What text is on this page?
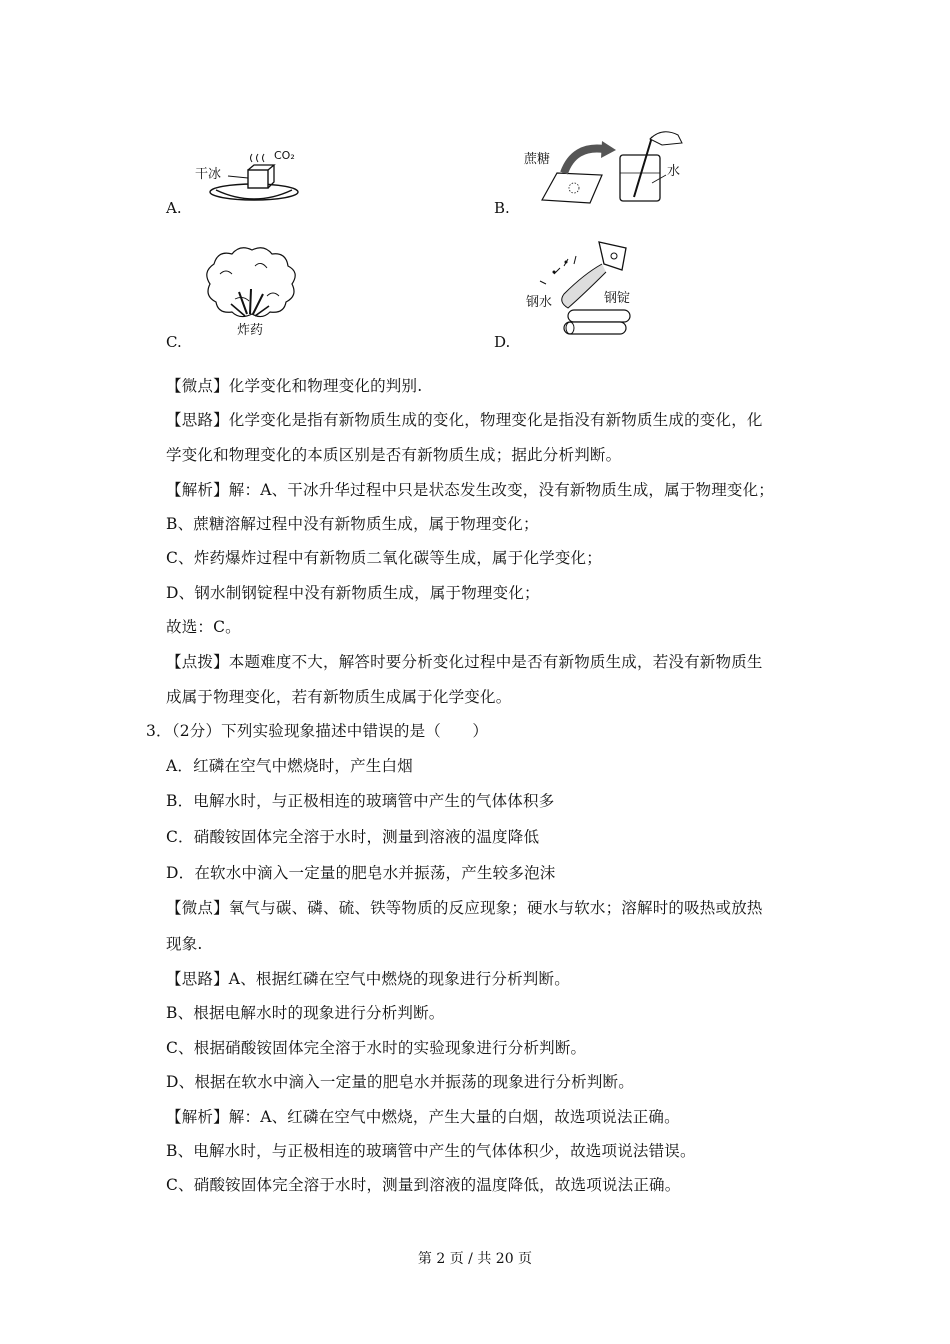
干冰
CO₂
A.
蔗糖
水
B.
炸药
C.
钢水	钢锭
D.
【微点】化学变化和物理变化的判别.
【思路】化学变化是指有新物质生成的变化，物理变化是指没有新物质生成的变化，化
学变化和物理变化的本质区别是否有新物质生成；据此分析判断。
【解析】解：A、干冰升华过程中只是状态发生改变，没有新物质生成，属于物理变化；
B、蔗糖溶解过程中没有新物质生成，属于物理变化；
C、炸药爆炸过程中有新物质二氧化碳等生成，属于化学变化；
D、钢水制钢锭程中没有新物质生成，属于物理变化；
故选：C。
【点拨】本题难度不大，解答时要分析变化过程中是否有新物质生成，若没有新物质生
成属于物理变化，若有新物质生成属于化学变化。
3．（2分）下列实验现象描述中错误的是（　　）
A．红磷在空气中燃烧时，产生白烟
B．电解水时，与正极相连的玻璃管中产生的气体体积多
C．硝酸铵固体完全溶于水时，测量到溶液的温度降低
D．在软水中滴入一定量的肥皂水并振荡，产生较多泡沫
【微点】氧气与碳、磷、硫、铁等物质的反应现象；硬水与软水；溶解时的吸热或放热
现象.
【思路】A、根据红磷在空气中燃烧的现象进行分析判断。
B、根据电解水时的现象进行分析判断。
C、根据硝酸铵固体完全溶于水时的实验现象进行分析判断。
D、根据在软水中滴入一定量的肥皂水并振荡的现象进行分析判断。
【解析】解：A、红磷在空气中燃烧，产生大量的白烟，故选项说法正确。
B、电解水时，与正极相连的玻璃管中产生的气体体积少，故选项说法错误。
C、硝酸铵固体完全溶于水时，测量到溶液的温度降低，故选项说法正确。
第 2 页 / 共 20 页
